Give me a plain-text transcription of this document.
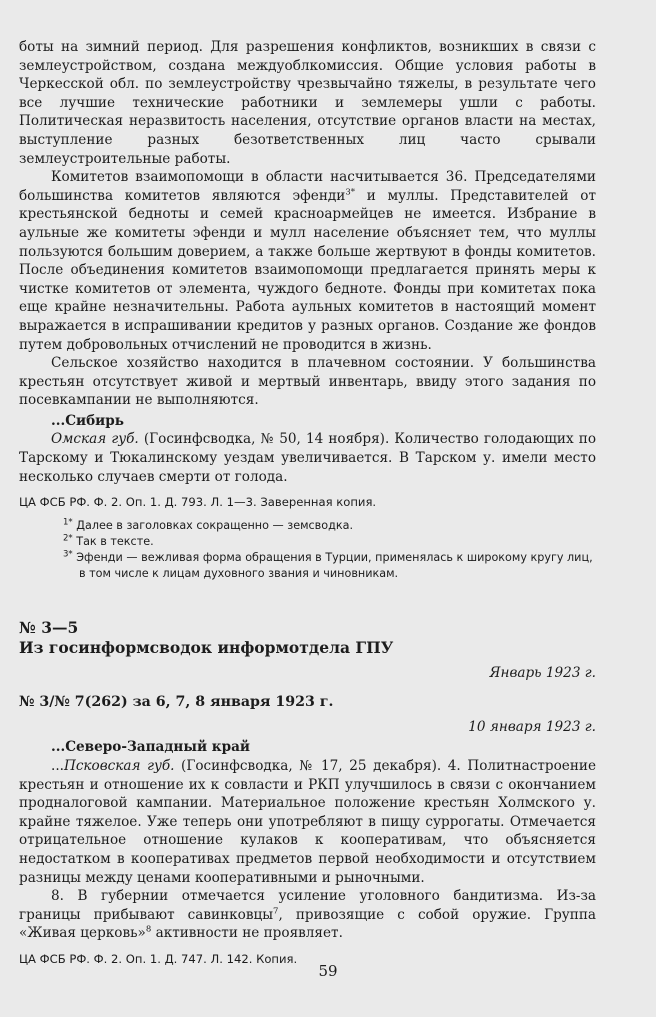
боты на зимний период. Для разрешения конфликтов, возникших в связи с землеустройством, создана междуоблкомиссия. Общие условия работы в Черкесской обл. по землеустройству чрезвычайно тяжелы, в результате чего все лучшие технические работники и землемеры ушли с работы. Политическая неразвитость населения, отсутствие органов власти на местах, выступление разных безответственных лиц часто срывали землеустроительные работы.

Комитетов взаимопомощи в области насчитывается 36. Председателями большинства комитетов являются эфенди$^{3*}$ и муллы. Представителей от крестьянской бедноты и семей красноармейцев не имеется. Избрание в аульные же комитеты эфенди и мулл население объясняет тем, что муллы пользуются большим доверием, а также больше жертвуют в фонды комитетов. После объединения комитетов взаимопомощи предлагается принять меры к чистке комитетов от элемента, чуждого бедноте. Фонды при комитетах пока еще крайне незначительны. Работа аульных комитетов в настоящий момент выражается в испрашивании кредитов у разных органов. Создание же фондов путем добровольных отчислений не проводится в жизнь.

Сельское хозяйство находится в плачевном состоянии. У большинства крестьян отсутствует живой и мертвый инвентарь, ввиду этого задания по посевкампании не выполняются.

...Сибирь

Омская губ. (Госинфсводка, № 50, 14 ноября). Количество голодающих по Тарскому и Тюкалинскому уездам увеличивается. В Тарском у. имели место несколько случаев смерти от голода.

ЦА ФСБ РФ. Ф. 2. Оп. 1. Д. 793. Л. 1—3. Заверенная копия.

$^{1*}$ Далее в заголовках сокращенно — земсводка.

$^{2*}$ Так в тексте.

$^{3*}$ Эфенди — вежливая форма обращения в Турции, применялась к широкому кругу лиц, в том числе к лицам духовного звания и чиновникам.

№ 3—5

Из госинформсводок информотдела ГПУ

Январь 1923 г.

№ 3/№ 7(262) за 6, 7, 8 января 1923 г.

10 января 1923 г.

...Северо-Западный край

...Псковская губ. (Госинфсводка, № 17, 25 декабря). 4. Политнастроение крестьян и отношение их к совласти и РКП улучшилось в связи с окончанием продналоговой кампании. Материальное положение крестьян Холмского у. крайне тяжелое. Уже теперь они употребляют в пищу суррогаты. Отмечается отрицательное отношение кулаков к кооперативам, что объясняется недостатком в кооперативах предметов первой необходимости и отсутствием разницы между ценами кооперативными и рыночными.

8. В губернии отмечается усиление уголовного бандитизма. Из-за границы прибывают савинковцы$^7$, привозящие с собой оружие. Группа «Живая церковь»$^8$ активности не проявляет.

ЦА ФСБ РФ. Ф. 2. Оп. 1. Д. 747. Л. 142. Копия.

59
